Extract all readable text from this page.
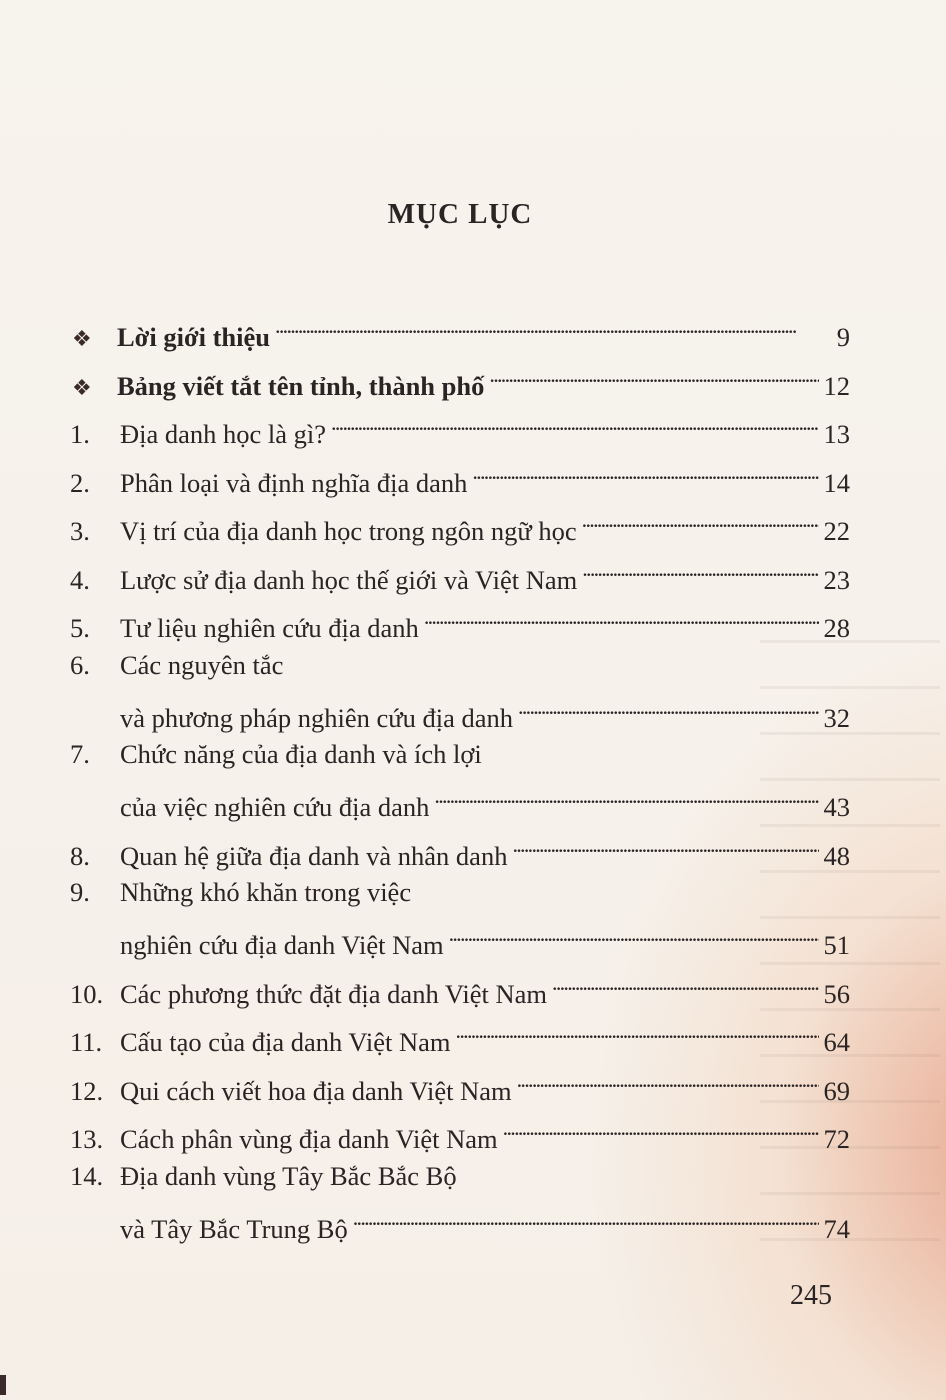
MỤC LỤC
❖ Lời giới thiệu . . .	9
❖ Bảng viết tắt tên tỉnh, thành phố . . .	12
1.	Địa danh học là gì? . . .	13
2.	Phân loại và định nghĩa địa danh . . .	14
3.	Vị trí của địa danh học trong ngôn ngữ học . . .	22
4.	Lược sử địa danh học thế giới và Việt Nam . . .	23
5.	Tư liệu nghiên cứu địa danh . . .	28
6.	Các nguyên tắc
và phương pháp nghiên cứu địa danh . . .	32
7.	Chức năng của địa danh và ích lợi
của việc nghiên cứu địa danh . . .	43
8.	Quan hệ giữa địa danh và nhân danh . . .	48
9.	Những khó khăn trong việc
nghiên cứu địa danh Việt Nam . . .	51
10. Các phương thức đặt địa danh Việt Nam . . .	56
11. Cấu tạo của địa danh Việt Nam . . .	64
12. Qui cách viết hoa địa danh Việt Nam . . .	69
13. Cách phân vùng địa danh Việt Nam . . .	72
14. Địa danh vùng Tây Bắc Bắc Bộ
và Tây Bắc Trung Bộ . . .	74
245
